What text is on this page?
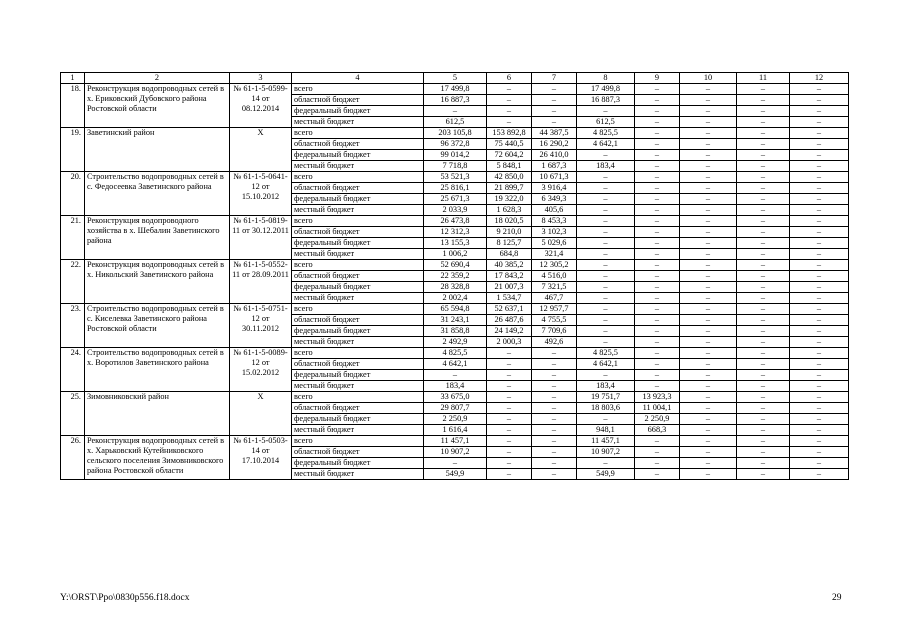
1	2	3	4	5	6	7	8	9	10	11	12
18.	Реконструкция водопроводных сетей в х. Ериковский Дубовского района Ростовской области	№ 61-1-5-0599-14 от 08.12.2014	всего	17 499,8	–	–	17 499,8	–	–	–	–
			областной бюджет	16 887,3	–	–	16 887,3	–	–	–	–
			федеральный бюджет	–	–	–	–	–	–	–	–
			местный бюджет	612,5	–	–	612,5	–	–	–	–
19.	Заветинский район	Х	всего	203 105,8	153 892,8	44 387,5	4 825,5	–	–	–	–
			областной бюджет	96 372,8	75 440,5	16 290,2	4 642,1	–	–	–	–
			федеральный бюджет	99 014,2	72 604,2	26 410,0	–	–	–	–	–
			местный бюджет	7 718,8	5 848,1	1 687,3	183,4	–	–	–	–
20.	Строительство водопроводных сетей в с. Федосеевка Заветинского района	№ 61-1-5-0641-12 от 15.10.2012	всего	53 521,3	42 850,0	10 671,3	–	–	–	–	–
			областной бюджет	25 816,1	21 899,7	3 916,4	–	–	–	–	–
			федеральный бюджет	25 671,3	19 322,0	6 349,3	–	–	–	–	–
			местный бюджет	2 033,9	1 628,3	405,6	–	–	–	–	–
21.	Реконструкция водопроводного хозяйства в х. Шебалин Заветинского района	№ 61-1-5-0819-11 от 30.12.2011	всего	26 473,8	18 020,5	8 453,3	–	–	–	–	–
			областной бюджет	12 312,3	9 210,0	3 102,3	–	–	–	–	–
			федеральный бюджет	13 155,3	8 125,7	5 029,6	–	–	–	–	–
			местный бюджет	1 006,2	684,8	321,4	–	–	–	–	–
22.	Реконструкция водопроводных сетей в х. Никольский Заветинского района	№ 61-1-5-0552-11 от 28.09.2011	всего	52 690,4	40 385,2	12 305,2	–	–	–	–	–
			областной бюджет	22 359,2	17 843,2	4 516,0	–	–	–	–	–
			федеральный бюджет	28 328,8	21 007,3	7 321,5	–	–	–	–	–
			местный бюджет	2 002,4	1 534,7	467,7	–	–	–	–	–
23.	Строительство водопроводных сетей в с. Киселевка Заветинского района Ростовской области	№ 61-1-5-0751-12 от 30.11.2012	всего	65 594,8	52 637,1	12 957,7	–	–	–	–	–
			областной бюджет	31 243,1	26 487,6	4 755,5	–	–	–	–	–
			федеральный бюджет	31 858,8	24 149,2	7 709,6	–	–	–	–	–
			местный бюджет	2 492,9	2 000,3	492,6	–	–	–	–	–
24.	Строительство водопроводных сетей в х. Воротилов Заветинского района	№ 61-1-5-0089-12 от 15.02.2012	всего	4 825,5	–	–	4 825,5	–	–	–	–
			областной бюджет	4 642,1	–	–	4 642,1	–	–	–	–
			федеральный бюджет	–	–	–	–	–	–	–	–
			местный бюджет	183,4	–	–	183,4	–	–	–	–
25.	Зимовниковский район	Х	всего	33 675,0	–	–	19 751,7	13 923,3	–	–	–
			областной бюджет	29 807,7	–	–	18 803,6	11 004,1	–	–	–
			федеральный бюджет	2 250,9	–	–	–	2 250,9	–	–	–
			местный бюджет	1 616,4	–	–	948,1	668,3	–	–	–
26.	Реконструкция водопроводных сетей в х. Харьковский Кутейниковского сельского поселения Зимовниковского района Ростовской области	№ 61-1-5-0503-14 от 17.10.2014	всего	11 457,1	–	–	11 457,1	–	–	–	–
			областной бюджет	10 907,2	–	–	10 907,2	–	–	–	–
			федеральный бюджет	–	–	–	–	–	–	–	–
			местный бюджет	549,9	–	–	549,9	–	–	–	–
Y:\ORST\Ppo\0830p556.f18.docx	29
